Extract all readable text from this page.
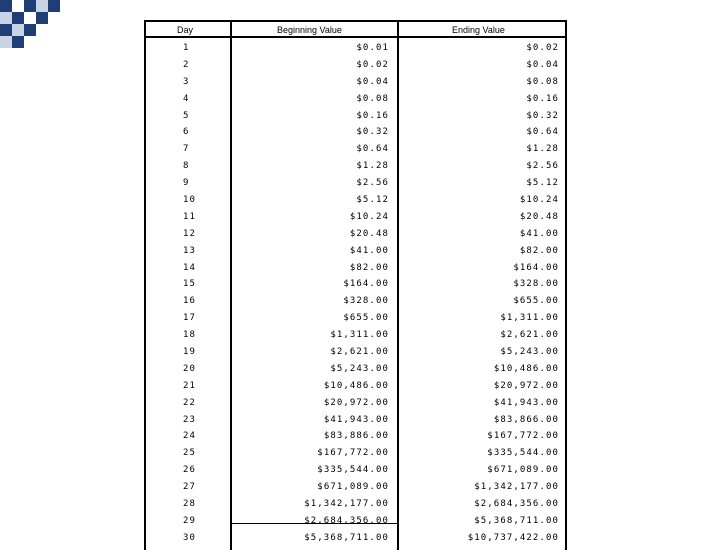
Day	Beginning Value	Ending Value
1	$0.01	$0.02
2	$0.02	$0.04
3	$0.04	$0.08
4	$0.08	$0.16
5	$0.16	$0.32
6	$0.32	$0.64
7	$0.64	$1.28
8	$1.28	$2.56
9	$2.56	$5.12
10	$5.12	$10.24
11	$10.24	$20.48
12	$20.48	$41.00
13	$41.00	$82.00
14	$82.00	$164.00
15	$164.00	$328.00
16	$328.00	$655.00
17	$655.00	$1,311.00
18	$1,311.00	$2,621.00
19	$2,621.00	$5,243.00
20	$5,243.00	$10,486.00
21	$10,486.00	$20,972.00
22	$20,972.00	$41,943.00
23	$41,943.00	$83,866.00
24	$83,886.00	$167,772.00
25	$167,772.00	$335,544.00
26	$335,544.00	$671,089.00
27	$671,089.00	$1,342,177.00
28	$1,342,177.00	$2,684,356.00
29	$2,684,356.00	$5,368,711.00
30	$5,368,711.00	$10,737,422.00
